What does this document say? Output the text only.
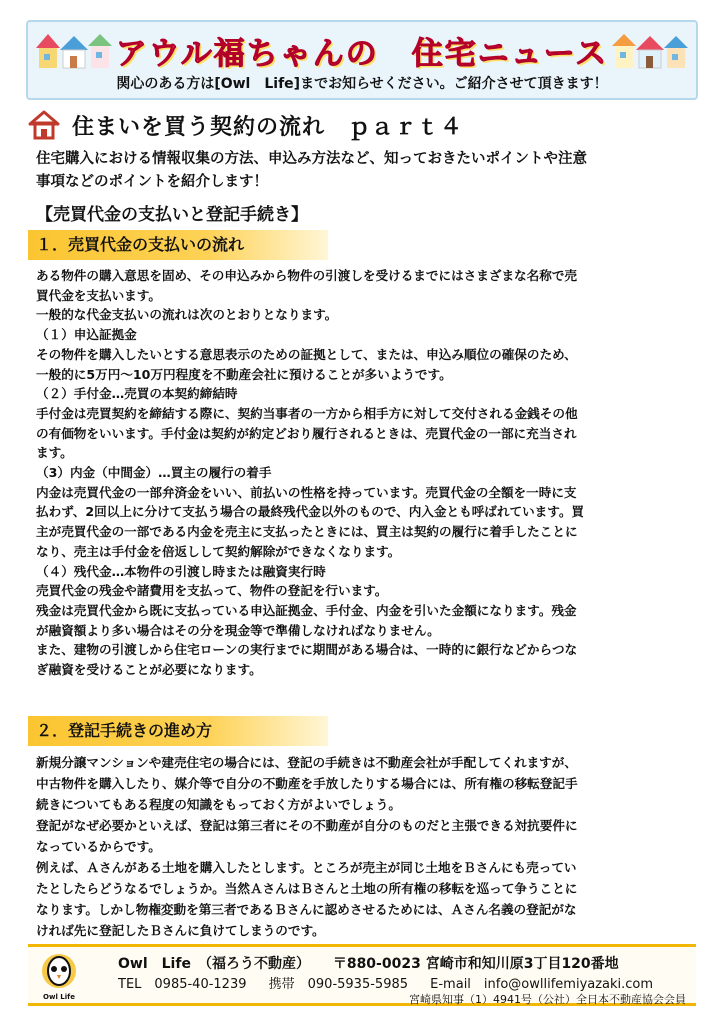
アウル福ちゃんの　住宅ニュース
関心のある方は[Owl　Life]までお知らせください。ご紹介させて頂きます！
住まいを買う契約の流れ　ｐａｒｔ４
住宅購入における情報収集の方法、申込み方法など、知っておきたいポイントや注意
事項などのポイントを紹介します！
【売買代金の支払いと登記手続き】
１．売買代金の支払いの流れ
ある物件の購入意思を固め、その申込みから物件の引渡しを受けるまでにはさまざまな名称で売
買代金を支払います。
一般的な代金支払いの流れは次のとおりとなります。
（１）申込証拠金
その物件を購入したいとする意思表示のための証拠として、または、申込み順位の確保のため、
一般的に5万円～10万円程度を不動産会社に預けることが多いようです。
（２）手付金…売買の本契約締結時
手付金は売買契約を締結する際に、契約当事者の一方から相手方に対して交付される金銭その他
の有価物をいいます。手付金は契約が約定どおり履行されるときは、売買代金の一部に充当され
ます。
（3）内金（中間金）…買主の履行の着手
内金は売買代金の一部弁済金をいい、前払いの性格を持っています。売買代金の全額を一時に支
払わず、2回以上に分けて支払う場合の最終残代金以外のもので、内入金とも呼ばれています。買
主が売買代金の一部である内金を売主に支払ったときには、買主は契約の履行に着手したことに
なり、売主は手付金を倍返しして契約解除ができなくなります。
（４）残代金…本物件の引渡し時または融資実行時
売買代金の残金や諸費用を支払って、物件の登記を行います。
残金は売買代金から既に支払っている申込証拠金、手付金、内金を引いた金額になります。残金
が融資額より多い場合はその分を現金等で準備しなければなりません。
また、建物の引渡しから住宅ローンの実行までに期間がある場合は、一時的に銀行などからつな
ぎ融資を受けることが必要になります。
２．登記手続きの進め方
新規分譲マンションや建売住宅の場合には、登記の手続きは不動産会社が手配してくれますが、
中古物件を購入したり、媒介等で自分の不動産を手放したりする場合には、所有権の移転登記手
続きについてもある程度の知識をもっておく方がよいでしょう。
登記がなぜ必要かといえば、登記は第三者にその不動産が自分のものだと主張できる対抗要件に
なっているからです。
例えば、Ａさんがある土地を購入したとします。ところが売主が同じ土地をＢさんにも売ってい
たとしたらどうなるでしょうか。当然ＡさんはＢさんと土地の所有権の移転を巡って争うことに
なります。しかし物権変動を第三者であるＢさんに認めさせるためには、Ａさん名義の登記がな
ければ先に登記したＢさんに負けてしまうのです。
Owl Life
Owl　Life　（福ろう不動産） 〒880-0023 宮崎市和知川原3丁目120番地
TEL　0985-40-1239 携帯　090-5935-5985 E-mail　info@owllifemiyazaki.com
宮崎県知事（1）4941号（公社）全日本不動産協会会員
